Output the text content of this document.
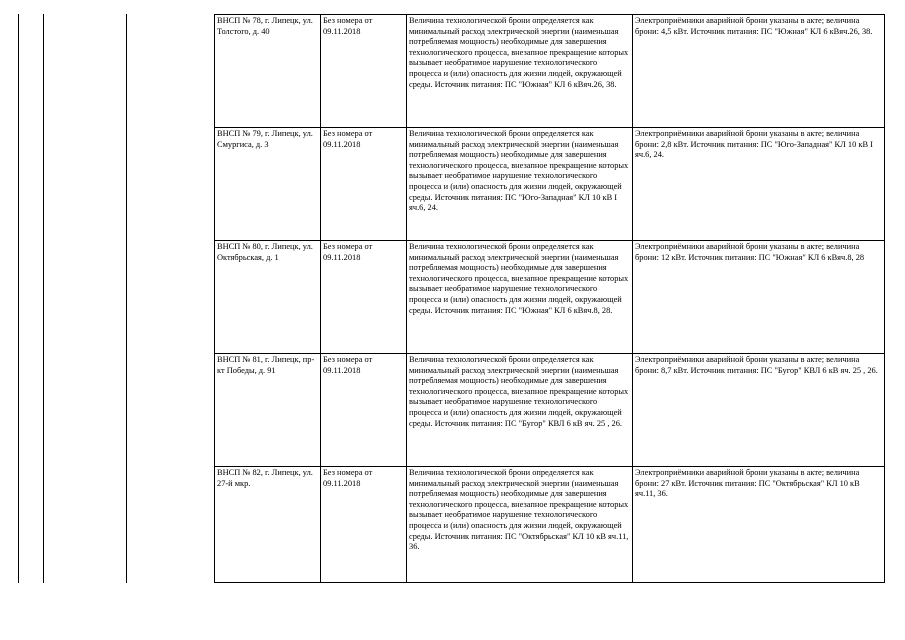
ВНСП № 78, г. Липецк, ул. Толстого, д. 40	Без номера от 09.11.2018	Величина технологической брони определяется как минимальный расход электрической энергии (наименьшая потребляемая мощность) необходимые для завершения технологического процесса, внезапное прекращение которых вызывает необратимое нарушение технологического процесса и (или) опасность для жизни людей, окружающей среды. Источник питания: ПС "Южная" КЛ 6 кВяч.26, 38.	Электроприёмники аварийной брони указаны в акте; величина брони: 4,5 кВт. Источник питания: ПС "Южная" КЛ 6 кВяч.26, 38.
ВНСП № 79, г. Липецк, ул. Смургиса, д. 3	Без номера от 09.11.2018	Величина технологической брони определяется как минимальный расход электрической энергии (наименьшая потребляемая мощность) необходимые для завершения технологического процесса, внезапное прекращение которых вызывает необратимое нарушение технологического процесса и (или) опасность для жизни людей, окружающей среды. Источник питания: ПС "Юго-Западная" КЛ 10 кВ I яч.6, 24.	Электроприёмники аварийной брони указаны в акте; величина брони: 2,8 кВт. Источник питания: ПС "Юго-Западная" КЛ 10 кВ I яч.6, 24.
ВНСП № 80, г. Липецк, ул. Октябрьская, д. 1	Без номера от 09.11.2018	Величина технологической брони определяется как минимальный расход электрической энергии (наименьшая потребляемая мощность) необходимые для завершения технологического процесса, внезапное прекращение которых вызывает необратимое нарушение технологического процесса и (или) опасность для жизни людей, окружающей среды. Источник питания: ПС "Южная" КЛ 6 кВяч.8, 28.	Электроприёмники аварийной брони указаны в акте; величина брони: 12 кВт. Источник питания: ПС "Южная" КЛ 6 кВяч.8, 28
ВНСП № 81, г. Липецк, пр-кт Победы, д. 91	Без номера от 09.11.2018	Величина технологической брони определяется как минимальный расход электрической энергии (наименьшая потребляемая мощность) необходимые для завершения технологического процесса, внезапное прекращение которых вызывает необратимое нарушение технологического процесса и (или) опасность для жизни людей, окружающей среды. Источник питания: ПС "Бугор" КВЛ 6 кВ яч. 25 , 26.	Электроприёмники аварийной брони указаны в акте; величина брони: 8,7 кВт. Источник питания: ПС "Бугор" КВЛ 6 кВ яч. 25 , 26.
ВНСП № 82, г. Липецк, ул. 27-й мкр.	Без номера от 09.11.2018	Величина технологической брони определяется как минимальный расход электрической энергии (наименьшая потребляемая мощность) необходимые для завершения технологического процесса, внезапное прекращение которых вызывает необратимое нарушение технологического процесса и (или) опасность для жизни людей, окружающей среды. Источник питания: ПС "Октябрьская" КЛ 10 кВ яч.11, 36.	Электроприёмники аварийной брони указаны в акте; величина брони: 27 кВт. Источник питания: ПС "Октябрьская" КЛ 10 кВ яч.11, 36.
